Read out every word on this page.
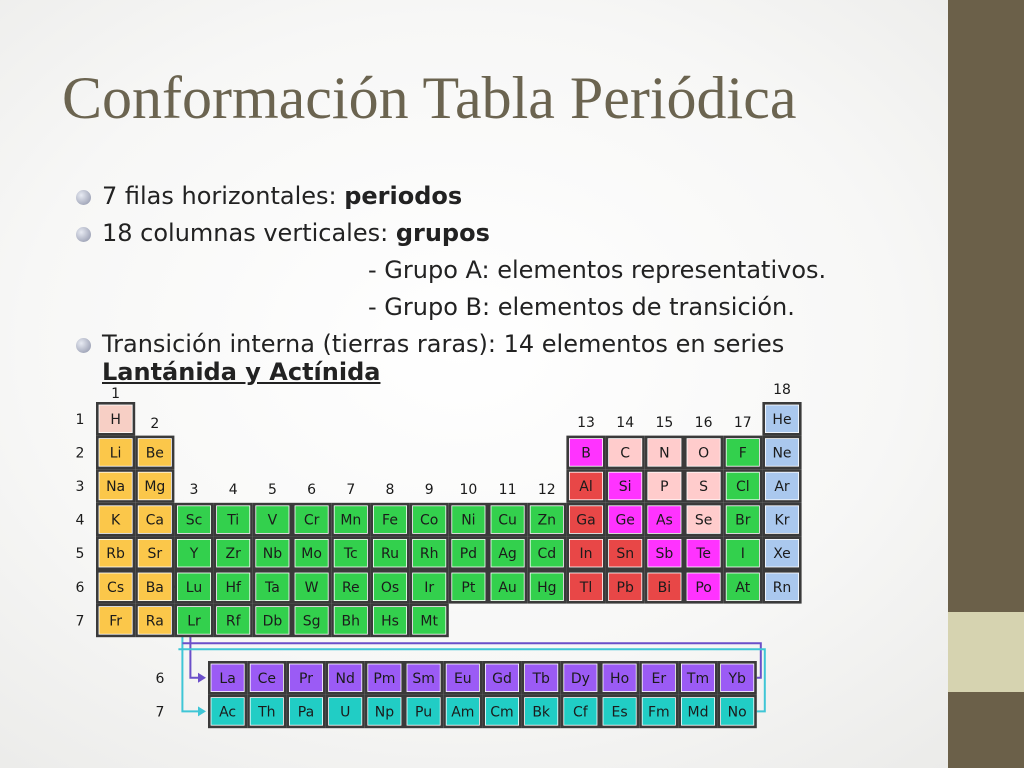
Conformación Tabla Periódica
7 filas horizontales: periodos
18 columnas verticales: grupos
- Grupo A: elementos representativos.
- Grupo B: elementos de transición.
Transición interna (tierras raras): 14 elementos en series
Lantánida y Actínida
H	He
Li Be	B C N O F Ne
Na Mg	Al Si P S Cl Ar
K Ca Sc Ti V Cr Mn Fe Co Ni Cu Zn Ga Ge As Se Br Kr
Rb Sr Y Zr Nb Mo Tc Ru Rh Pd Ag Cd In Sn Sb Te I Xe
Cs Ba Lu Hf Ta W Re Os Ir Pt Au Hg Tl Pb Bi Po At Rn
Fr Ra Lr Rf Db Sg Bh Hs Mt
La Ce Pr Nd Pm Sm Eu Gd Tb Dy Ho Er Tm Yb
Ac Th Pa U Np Pu Am Cm Bk Cf Es Fm Md No
1
2
3 4 5 6 7 8 9 10 11 12
13 14 15 16 17
18
1
2
3
4
5
6
7
6
7
